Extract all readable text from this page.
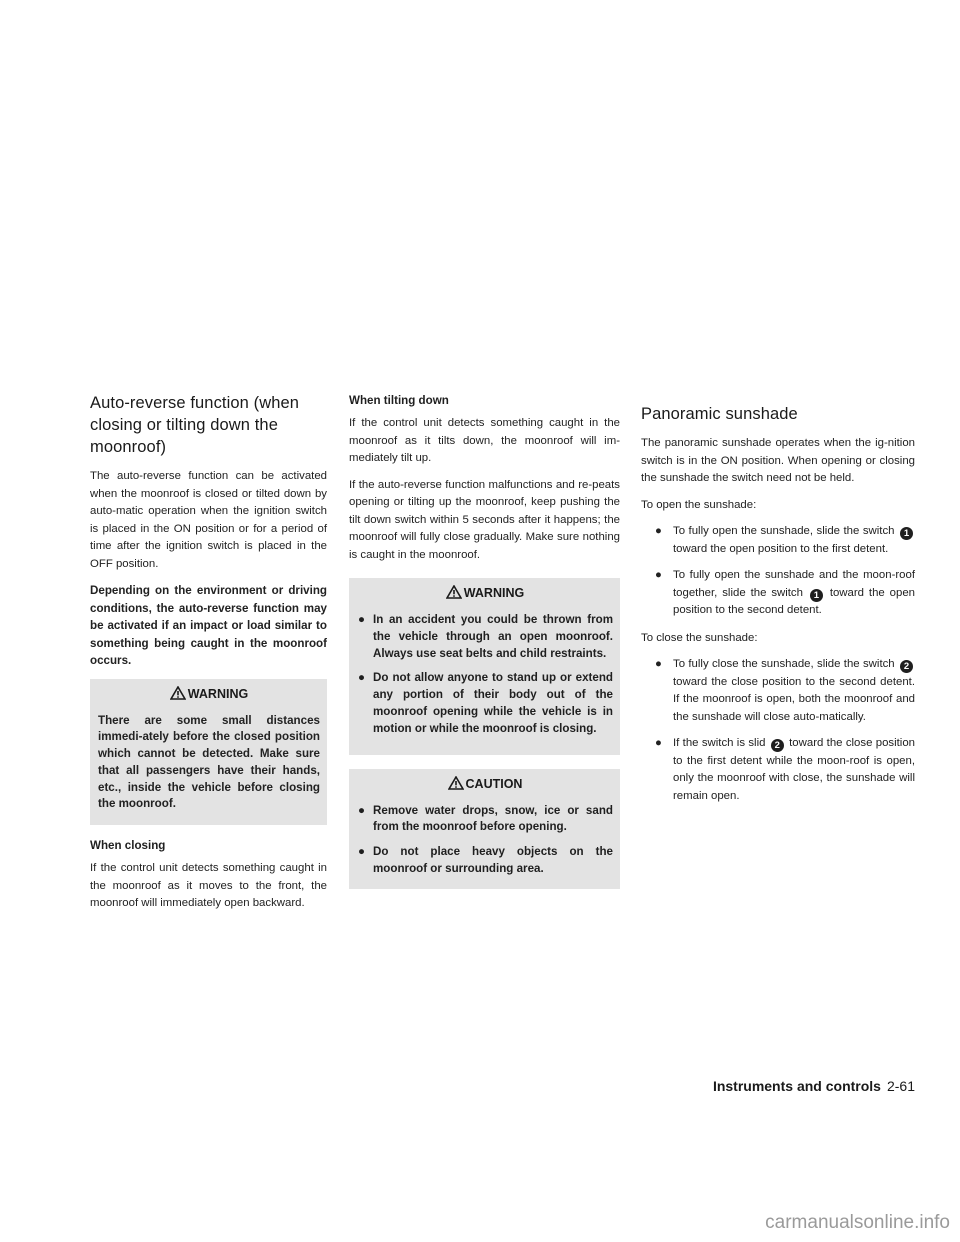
Auto-reverse function (when closing or tilting down the moonroof)

The auto-reverse function can be activated when the moonroof is closed or tilted down by auto-matic operation when the ignition switch is placed in the ON position or for a period of time after the ignition switch is placed in the OFF position.

Depending on the environment or driving conditions, the auto-reverse function may be activated if an impact or load similar to something being caught in the moonroof occurs.

WARNING

There are some small distances immedi-ately before the closed position which cannot be detected. Make sure that all passengers have their hands, etc., inside the vehicle before closing the moonroof.

When closing

If the control unit detects something caught in the moonroof as it moves to the front, the moonroof will immediately open backward.

When tilting down

If the control unit detects something caught in the moonroof as it tilts down, the moonroof will im-mediately tilt up.

If the auto-reverse function malfunctions and re-peats opening or tilting up the moonroof, keep pushing the tilt down switch within 5 seconds after it happens; the moonroof will fully close gradually. Make sure nothing is caught in the moonroof.

WARNING
● In an accident you could be thrown from the vehicle through an open moonroof. Always use seat belts and child restraints.
● Do not allow anyone to stand up or extend any portion of their body out of the moonroof opening while the vehicle is in motion or while the moonroof is closing.
CAUTION
● Remove water drops, snow, ice or sand from the moonroof before opening.
● Do not place heavy objects on the moonroof or surrounding area.
Panoramic sunshade

The panoramic sunshade operates when the ig-nition switch is in the ON position. When opening or closing the sunshade the switch need not be held.

To open the sunshade:

● To fully open the sunshade, slide the switch 1 toward the open position to the first detent.
● To fully open the sunshade and the moon-roof together, slide the switch 1 toward the open position to the second detent.

To close the sunshade:

● To fully close the sunshade, slide the switch 2 toward the close position to the second detent. If the moonroof is open, both the moonroof and the sunshade will close auto-matically.
● If the switch is slid 2 toward the close position to the first detent while the moon-roof is open, only the moonroof with close, the sunshade will remain open.
Instruments and controls 2-61
carmanualsonline.info
